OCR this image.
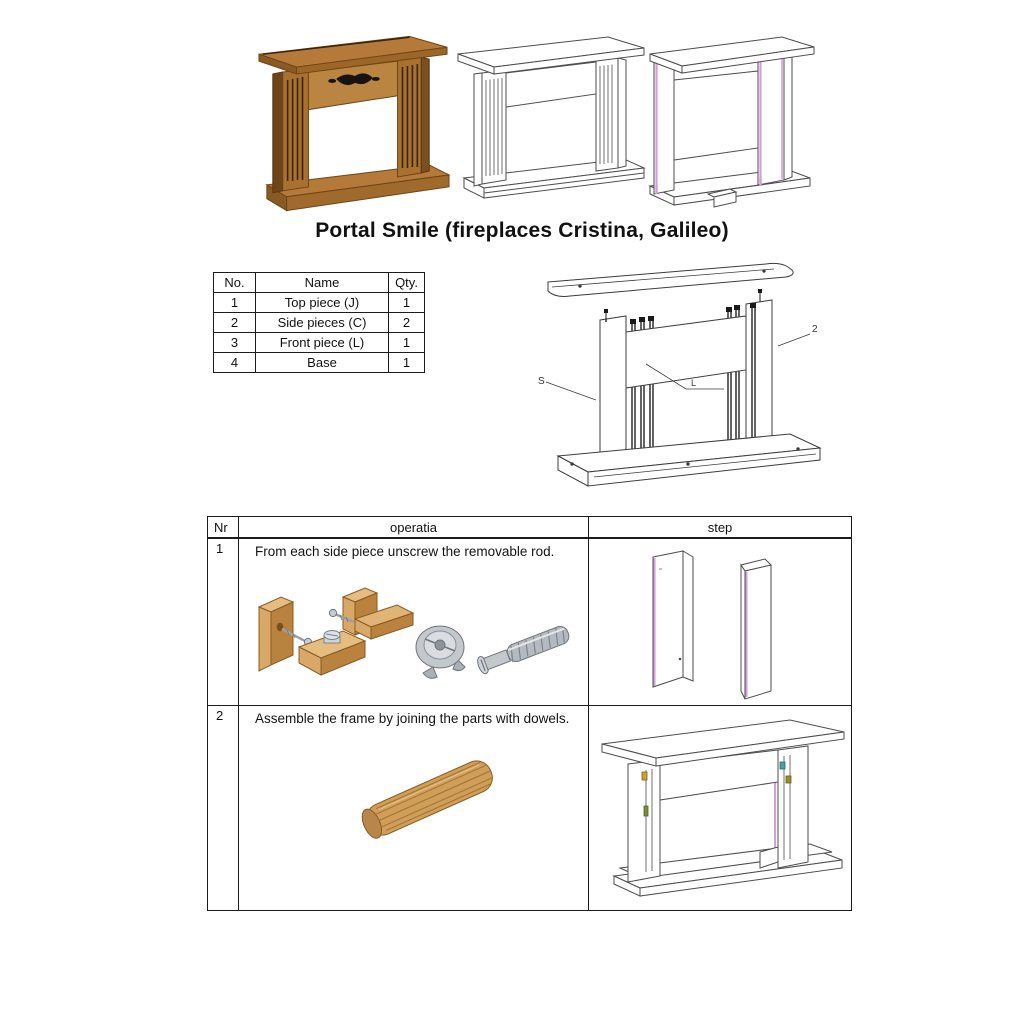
Portal Smile (fireplaces Cristina, Galileo)
No.	Name	Qty.
1	Top piece (J)	1
2	Side pieces (C)	2
3	Front piece (L)	1
4	Base	1
S
2
L
Nr	operatia	step

1	From each side piece unscrew the removable rod.

2	Assemble the frame by joining the parts with dowels.
